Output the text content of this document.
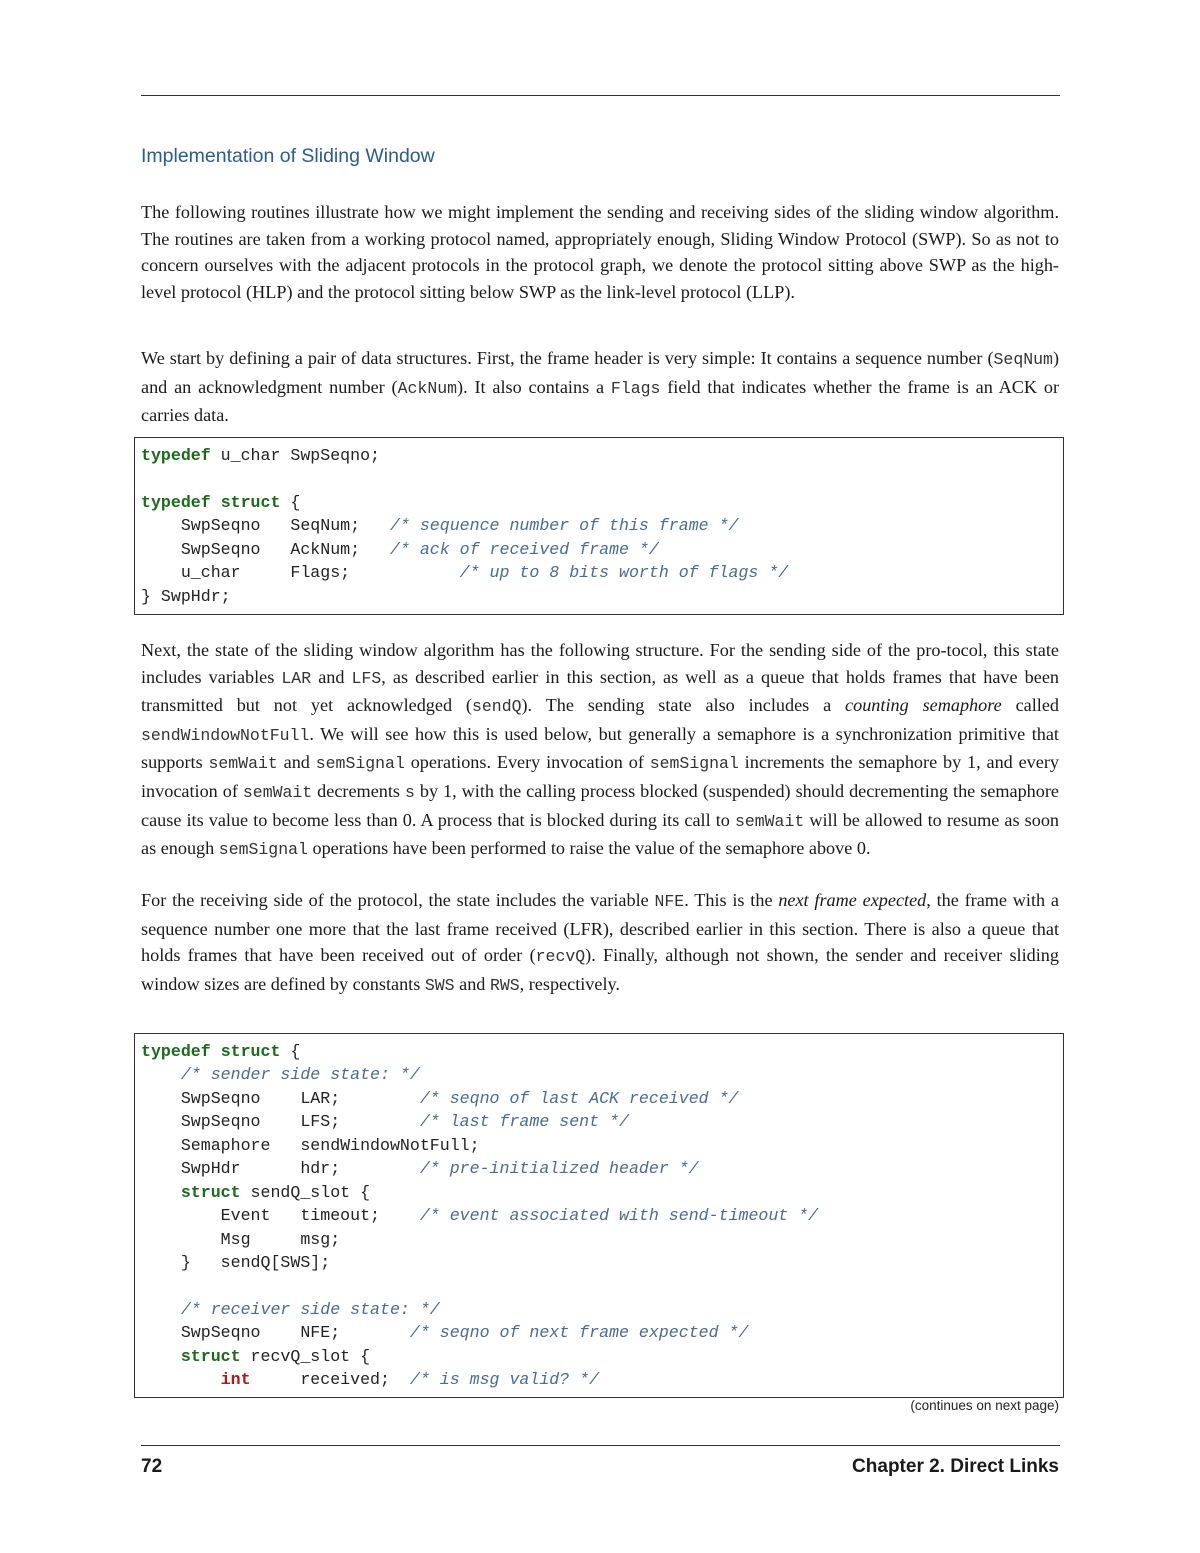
Implementation of Sliding Window

The following routines illustrate how we might implement the sending and receiving sides of the sliding window algorithm. The routines are taken from a working protocol named, appropriately enough, Sliding Window Protocol (SWP). So as not to concern ourselves with the adjacent protocols in the protocol graph, we denote the protocol sitting above SWP as the high-level protocol (HLP) and the protocol sitting below SWP as the link-level protocol (LLP).

We start by defining a pair of data structures. First, the frame header is very simple: It contains a sequence number (SeqNum) and an acknowledgment number (AckNum). It also contains a Flags field that indicates whether the frame is an ACK or carries data.

typedef u_char SwpSeqno;

typedef struct {
SwpSeqno   SeqNum;   /* sequence number of this frame */
SwpSeqno   AckNum;   /* ack of received frame */
u_char     Flags;           /* up to 8 bits worth of flags */
} SwpHdr;

Next, the state of the sliding window algorithm has the following structure. For the sending side of the pro-tocol, this state includes variables LAR and LFS, as described earlier in this section, as well as a queue that holds frames that have been transmitted but not yet acknowledged (sendQ). The sending state also includes a counting semaphore called sendWindowNotFull. We will see how this is used below, but generally a semaphore is a synchronization primitive that supports semWait and semSignal operations. Every invocation of semSignal increments the semaphore by 1, and every invocation of semWait decrements s by 1, with the calling process blocked (suspended) should decrementing the semaphore cause its value to become less than 0. A process that is blocked during its call to semWait will be allowed to resume as soon as enough semSignal operations have been performed to raise the value of the semaphore above 0.

For the receiving side of the protocol, the state includes the variable NFE. This is the next frame expected, the frame with a sequence number one more that the last frame received (LFR), described earlier in this section. There is also a queue that holds frames that have been received out of order (recvQ). Finally, although not shown, the sender and receiver sliding window sizes are defined by constants SWS and RWS, respectively.

typedef struct {
/* sender side state: */
SwpSeqno    LAR;        /* seqno of last ACK received */
SwpSeqno    LFS;        /* last frame sent */
Semaphore   sendWindowNotFull;
SwpHdr      hdr;        /* pre-initialized header */
struct sendQ_slot {
Event   timeout;    /* event associated with send-timeout */
Msg     msg;
}   sendQ[SWS];

/* receiver side state: */
SwpSeqno    NFE;       /* seqno of next frame expected */
struct recvQ_slot {
int     received;  /* is msg valid? */
(continues on next page)
72	Chapter 2. Direct Links
